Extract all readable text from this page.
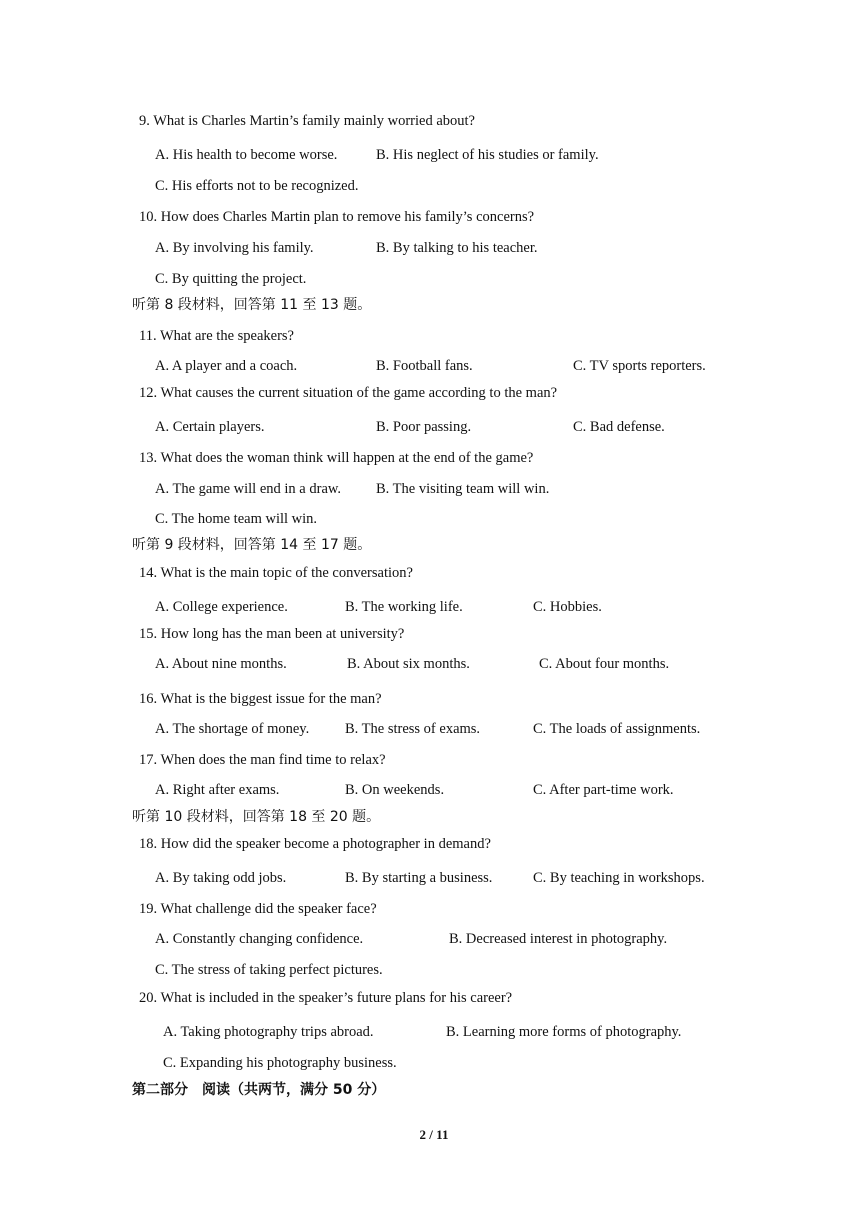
9. What is Charles Martin’s family mainly worried about?
A. His health to become worse.	B. His neglect of his studies or family.
C. His efforts not to be recognized.
10. How does Charles Martin plan to remove his family’s concerns?
A. By involving his family.	B. By talking to his teacher.
C. By quitting the project.
听第 8 段材料，回答第 11 至 13 题。
11. What are the speakers?
A. A player and a coach.	B. Football fans.	C. TV sports reporters.
12. What causes the current situation of the game according to the man?
A. Certain players.	B. Poor passing.	C. Bad defense.
13. What does the woman think will happen at the end of the game?
A. The game will end in a draw. B. The visiting team will win.
C. The home team will win.
听第 9 段材料，回答第 14 至 17 题。
14. What is the main topic of the conversation?
A. College experience.	B. The working life.	C. Hobbies.
15. How long has the man been at university?
A. About nine months.	B. About six months.	C. About four months.
16. What is the biggest issue for the man?
A. The shortage of money. B. The stress of exams.	C. The loads of assignments.
17. When does the man find time to relax?
A. Right after exams.	B. On weekends.	C. After part-time work.
听第 10 段材料，回答第 18 至 20 题。
18. How did the speaker become a photographer in demand?
A. By taking odd jobs.	B. By starting a business.	C. By teaching in workshops.
19. What challenge did the speaker face?
A. Constantly changing confidence.	B. Decreased interest in photography.
C. The stress of taking perfect pictures.
20. What is included in the speaker’s future plans for his career?
A. Taking photography trips abroad.	B. Learning more forms of photography.
C. Expanding his photography business.
第二部分　阅读（共两节，满分 50 分）
2 / 11
